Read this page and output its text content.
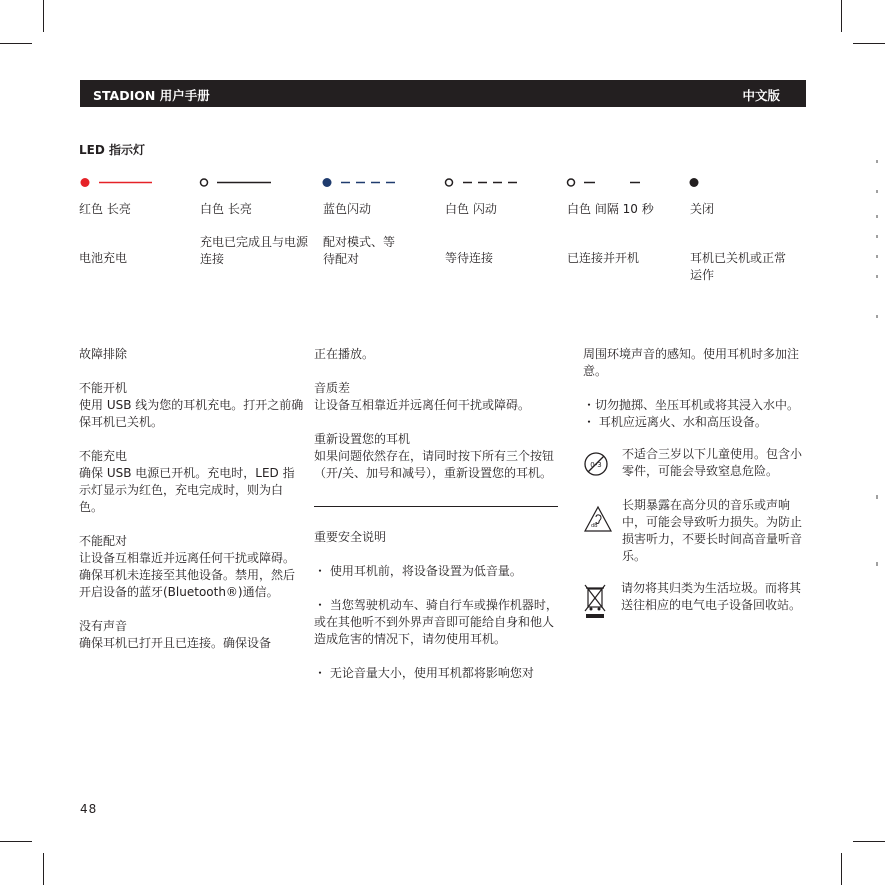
STADION 用户手册	中文版
LED 指示灯
红色 长亮
电池充电
白色 长亮
充电已完成且与电源连接
蓝色闪动
配对模式、等待配对
白色 闪动
等待连接
白色 间隔 10 秒
已连接并开机
关闭
耳机已关机或正常运作
故障排除
不能开机
使用 USB 线为您的耳机充电。打开之前确保耳机已关机。
不能充电
确保 USB 电源已开机。充电时，LED 指示灯显示为红色，充电完成时，则为白色。
不能配对
让设备互相靠近并远离任何干扰或障碍。确保耳机未连接至其他设备。禁用，然后开启设备的蓝牙(Bluetooth®)通信。
没有声音
确保耳机已打开且已连接。确保设备
正在播放。
音质差
让设备互相靠近并远离任何干扰或障碍。
重新设置您的耳机
如果问题依然存在，请同时按下所有三个按钮（开/关、加号和减号），重新设置您的耳机。
重要安全说明
・ 使用耳机前，将设备设置为低音量。
・ 当您驾驶机动车、骑自行车或操作机器时，或在其他听不到外界声音即可能给自身和他人造成危害的情况下，请勿使用耳机。
・ 无论音量大小，使用耳机都将影响您对
周围环境声音的感知。使用耳机时多加注意。
・切勿抛掷、坐压耳机或将其浸入水中。
・ 耳机应远离火、水和高压设备。
0-3
不适合三岁以下儿童使用。包含小零件，可能会导致窒息危险。
dB
长期暴露在高分贝的音乐或声响中，可能会导致听力损失。为防止损害听力，不要长时间高音量听音乐。
请勿将其归类为生活垃圾。而将其送往相应的电气电子设备回收站。
48
